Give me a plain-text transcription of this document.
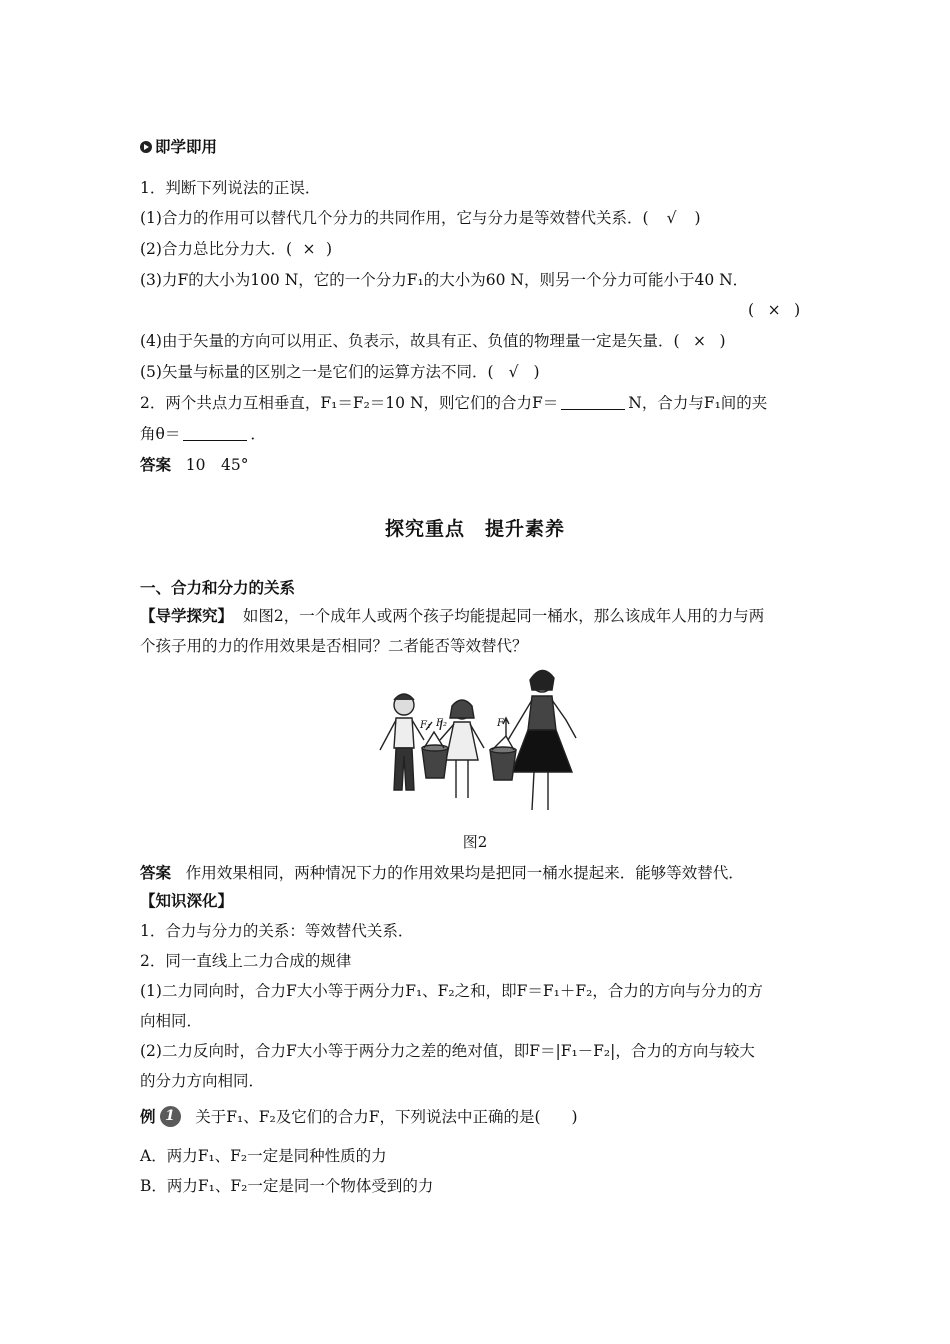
即学即用
1．判断下列说法的正误．
(1)合力的作用可以替代几个分力的共同作用，它与分力是等效替代关系．( √ )
(2)合力总比分力大．( × )
(3)力F的大小为100 N，它的一个分力F₁的大小为60 N，则另一个分力可能小于40 N．
( × )
(4)由于矢量的方向可以用正、负表示，故具有正、负值的物理量一定是矢量．( × )
(5)矢量与标量的区别之一是它们的运算方法不同．( √ )
2．两个共点力互相垂直，F₁＝F₂＝10 N，则它们的合力F＝	N，合力与F₁间的夹
角θ＝	．
答案 10　45°
探究重点　提升素养
一、合力和分力的关系
【导学探究】 如图2，一个成年人或两个孩子均能提起同一桶水，那么该成年人用的力与两
个孩子用的力的作用效果是否相同？二者能否等效替代？
F₁ F₂	F
图2
答案 作用效果相同，两种情况下力的作用效果均是把同一桶水提起来．能够等效替代．
【知识深化】
1．合力与分力的关系：等效替代关系．
2．同一直线上二力合成的规律
(1)二力同向时，合力F大小等于两分力F₁、F₂之和，即F＝F₁＋F₂，合力的方向与分力的方
向相同．
(2)二力反向时，合力F大小等于两分力之差的绝对值，即F＝|F₁－F₂|，合力的方向与较大
的分力方向相同．
例 1 关于F₁、F₂及它们的合力F，下列说法中正确的是(　　)
A．两力F₁、F₂一定是同种性质的力
B．两力F₁、F₂一定是同一个物体受到的力
